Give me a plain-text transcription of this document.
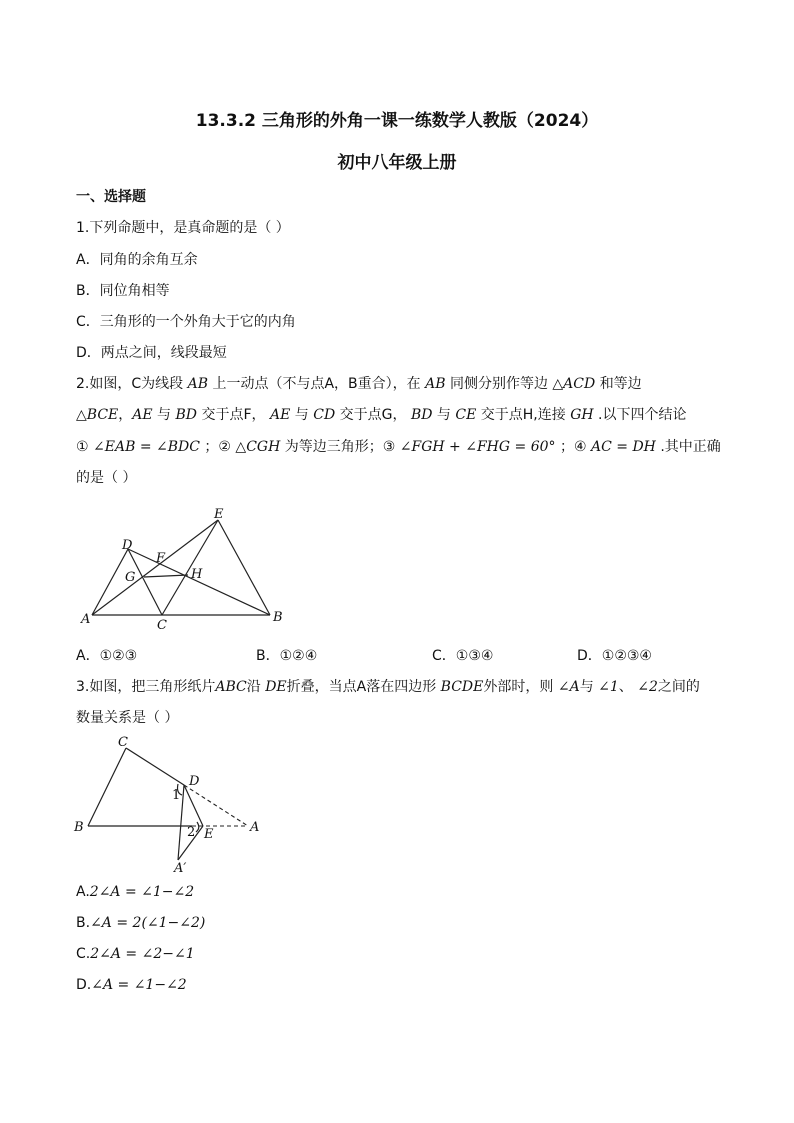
13.3.2 三角形的外角一课一练数学人教版（2024）
初中八年级上册
一、选择题
1.下列命题中，是真命题的是（ ）
A．同角的余角互余
B．同位角相等
C．三角形的一个外角大于它的内角
D．两点之间，线段最短
2.如图，C为线段 AB 上一动点（不与点A，B重合），在 AB 同侧分别作等边 △ACD 和等边
△BCE，AE 与 BD 交于点F， AE 与 CD 交于点G， BD 与 CE 交于点H,连接 GH .以下四个结论
① ∠EAB = ∠BDC ；② △CGH 为等边三角形；③ ∠FGH + ∠FHG = 60° ；④ AC = DH .其中正确
的是（ ）
D
E
F
G	H
A	C
B
A．①②③	B．①②④	C．①③④	D．①②③④
3.如图，把三角形纸片ABC沿 DE折叠，当点A落在四边形 BCDE外部时，则 ∠A与 ∠1、 ∠2之间的
数量关系是（ ）
C
D
1
B	2 E	A
A′
A.2∠A = ∠1−∠2
B.∠A = 2(∠1−∠2)
C.2∠A = ∠2−∠1
D.∠A = ∠1−∠2
